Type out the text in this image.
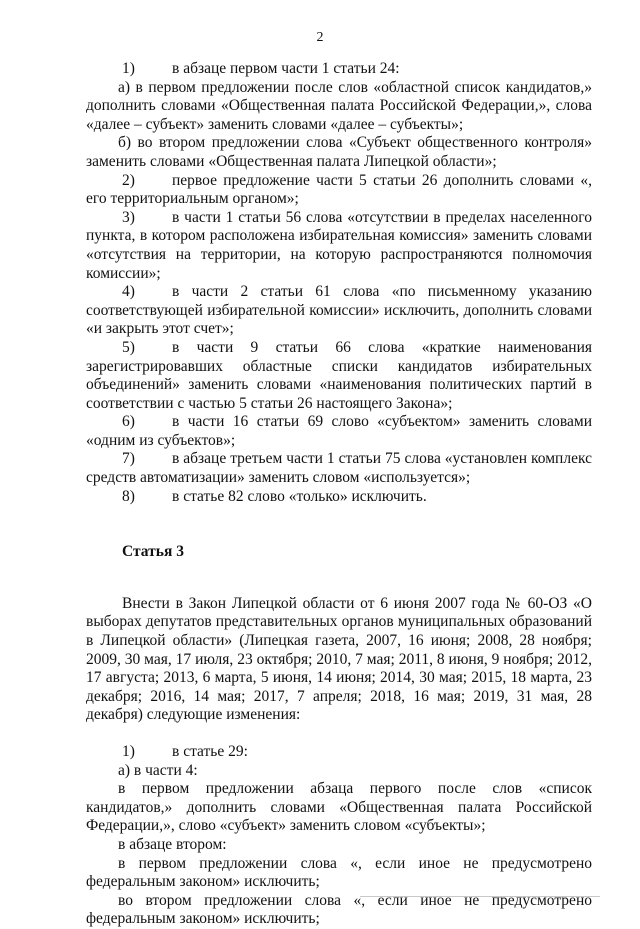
2

1) в абзаце первом части 1 статьи 24:

а) в первом предложении после слов «областной список кандидатов,» дополнить словами «Общественная палата Российской Федерации,», слова «далее – субъект» заменить словами «далее – субъекты»;

б) во втором предложении слова «Субъект общественного контроля» заменить словами «Общественная палата Липецкой области»;

2) первое предложение части 5 статьи 26 дополнить словами «, его территориальным органом»;

3) в части 1 статьи 56 слова «отсутствии в пределах населенного пункта, в котором расположена избирательная комиссия» заменить словами «отсутствия на территории, на которую распространяются полномочия комиссии»;

4) в части 2 статьи 61 слова «по письменному указанию соответствующей избирательной комиссии» исключить, дополнить словами «и закрыть этот счет»;

5) в части 9 статьи 66 слова «краткие наименования зарегистрировавших областные списки кандидатов избирательных объединений» заменить словами «наименования политических партий в соответствии с частью 5 статьи 26 настоящего Закона»;

6) в части 16 статьи 69 слово «субъектом» заменить словами «одним из субъектов»;

7) в абзаце третьем части 1 статьи 75 слова «установлен комплекс средств автоматизации» заменить словом «используется»;

8) в статье 82 слово «только» исключить.

Статья 3

Внести в Закон Липецкой области от 6 июня 2007 года № 60-ОЗ «О выборах депутатов представительных органов муниципальных образований в Липецкой области» (Липецкая газета, 2007, 16 июня; 2008, 28 ноября; 2009, 30 мая, 17 июля, 23 октября; 2010, 7 мая; 2011, 8 июня, 9 ноября; 2012, 17 августа; 2013, 6 марта, 5 июня, 14 июня; 2014, 30 мая; 2015, 18 марта, 23 декабря; 2016, 14 мая; 2017, 7 апреля; 2018, 16 мая; 2019, 31 мая, 28 декабря) следующие изменения:

1) в статье 29:

а) в части 4:

в первом предложении абзаца первого после слов «список кандидатов,» дополнить словами «Общественная палата Российской Федерации,», слово «субъект» заменить словом «субъекты»;

в абзаце втором:

в первом предложении слова «, если иное не предусмотрено федеральным законом» исключить;

во втором предложении слова «, если иное не предусмотрено федеральным законом» исключить;
